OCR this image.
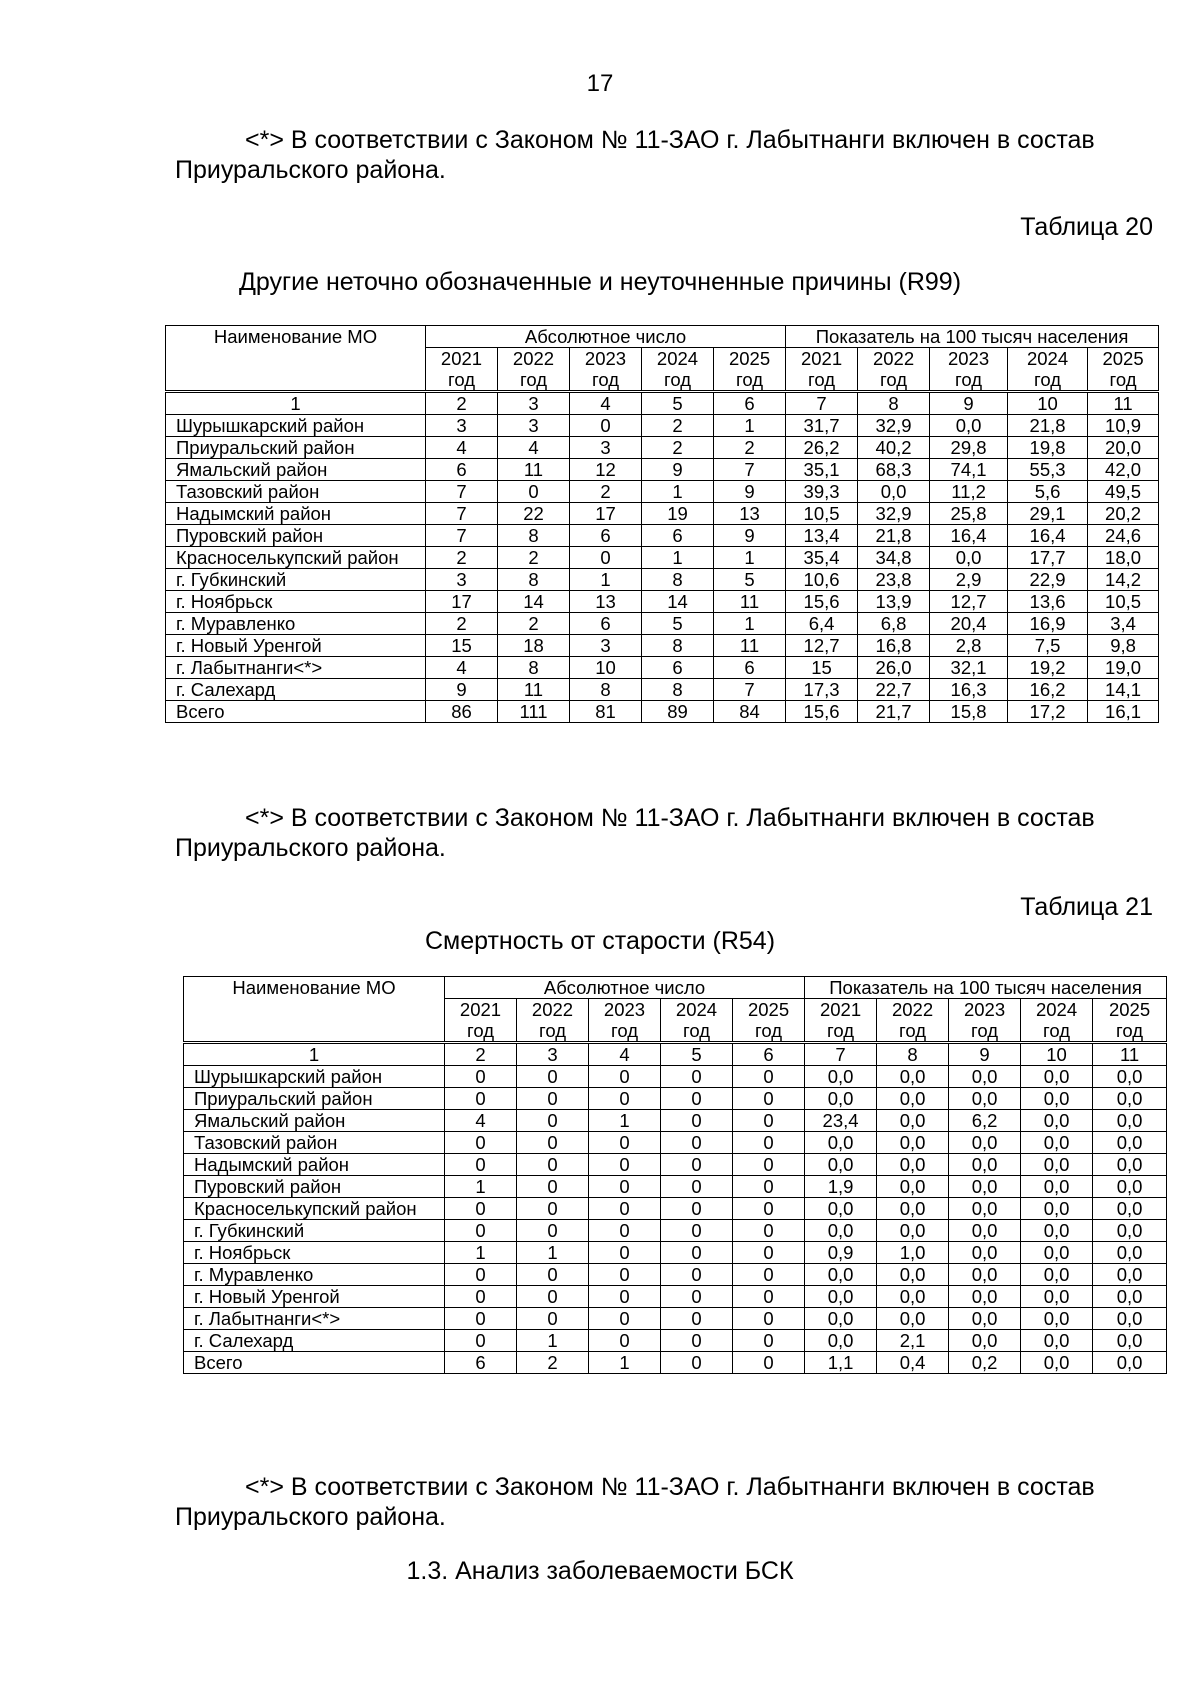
17
<*> В соответствии с Законом № 11-ЗАО г. Лабытнанги включен в состав Приуральского района.
Таблица 20
Другие неточно обозначенные и неуточненные причины (R99)
Наименование МО	Абсолютное число					Показатель на 100 тысяч населения				
	2021 год	2022 год	2023 год	2024 год	2025 год	2021 год	2022 год	2023 год	2024 год	2025 год
1	2	3	4	5	6	7	8	9	10	11
Шурышкарский район	3	3	0	2	1	31,7	32,9	0,0	21,8	10,9
Приуральский район	4	4	3	2	2	26,2	40,2	29,8	19,8	20,0
Ямальский район	6	11	12	9	7	35,1	68,3	74,1	55,3	42,0
Тазовский район	7	0	2	1	9	39,3	0,0	11,2	5,6	49,5
Надымский район	7	22	17	19	13	10,5	32,9	25,8	29,1	20,2
Пуровский район	7	8	6	6	9	13,4	21,8	16,4	16,4	24,6
Красноселькупский район	2	2	0	1	1	35,4	34,8	0,0	17,7	18,0
г. Губкинский	3	8	1	8	5	10,6	23,8	2,9	22,9	14,2
г. Ноябрьск	17	14	13	14	11	15,6	13,9	12,7	13,6	10,5
г. Муравленко	2	2	6	5	1	6,4	6,8	20,4	16,9	3,4
г. Новый Уренгой	15	18	3	8	11	12,7	16,8	2,8	7,5	9,8
г. Лабытнанги<*>	4	8	10	6	6	15	26,0	32,1	19,2	19,0
г. Салехард	9	11	8	8	7	17,3	22,7	16,3	16,2	14,1
Всего	86	111	81	89	84	15,6	21,7	15,8	17,2	16,1
<*> В соответствии с Законом № 11-ЗАО г. Лабытнанги включен в состав Приуральского района.
Таблица 21
Смертность от старости (R54)
Наименование МО	Абсолютное число					Показатель на 100 тысяч населения				
	2021 год	2022 год	2023 год	2024 год	2025 год	2021 год	2022 год	2023 год	2024 год	2025 год
1	2	3	4	5	6	7	8	9	10	11
Шурышкарский район	0	0	0	0	0	0,0	0,0	0,0	0,0	0,0
Приуральский район	0	0	0	0	0	0,0	0,0	0,0	0,0	0,0
Ямальский район	4	0	1	0	0	23,4	0,0	6,2	0,0	0,0
Тазовский район	0	0	0	0	0	0,0	0,0	0,0	0,0	0,0
Надымский район	0	0	0	0	0	0,0	0,0	0,0	0,0	0,0
Пуровский район	1	0	0	0	0	1,9	0,0	0,0	0,0	0,0
Красноселькупский район	0	0	0	0	0	0,0	0,0	0,0	0,0	0,0
г. Губкинский	0	0	0	0	0	0,0	0,0	0,0	0,0	0,0
г. Ноябрьск	1	1	0	0	0	0,9	1,0	0,0	0,0	0,0
г. Муравленко	0	0	0	0	0	0,0	0,0	0,0	0,0	0,0
г. Новый Уренгой	0	0	0	0	0	0,0	0,0	0,0	0,0	0,0
г. Лабытнанги<*>	0	0	0	0	0	0,0	0,0	0,0	0,0	0,0
г. Салехард	0	1	0	0	0	0,0	2,1	0,0	0,0	0,0
Всего	6	2	1	0	0	1,1	0,4	0,2	0,0	0,0
<*> В соответствии с Законом № 11-ЗАО г. Лабытнанги включен в состав Приуральского района.
1.3. Анализ заболеваемости БСК
